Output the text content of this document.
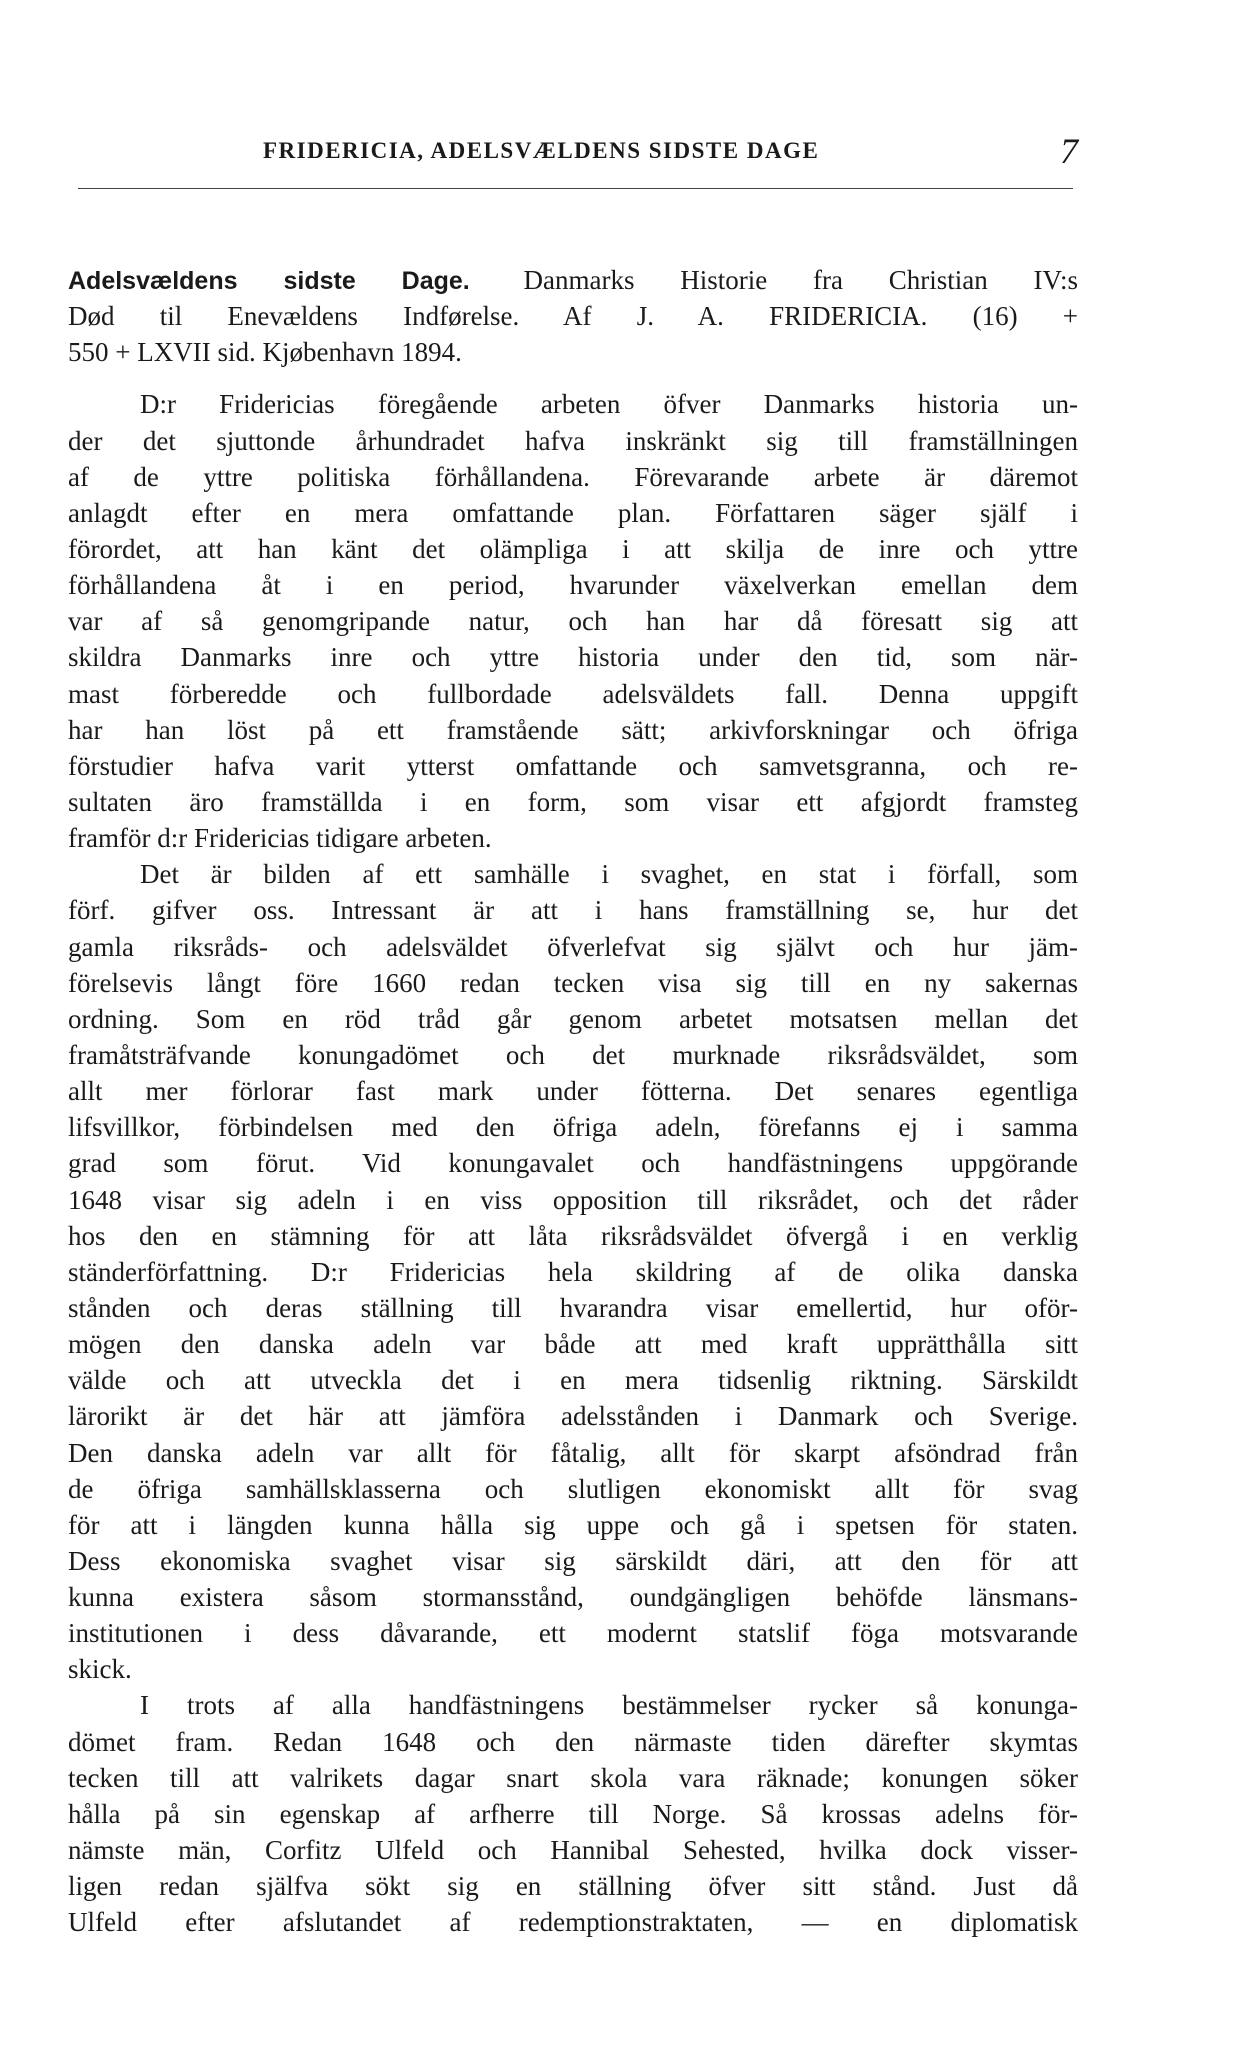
FRIDERICIA, ADELSVÆLDENS SIDSTE DAGE	7
Adelsvældens sidste Dage. Danmarks Historie fra Christian IV:s
Død til Enevældens Indførelse. Af J. A. FRIDERICIA. (16) +
550 + LXVII sid. Kjøbenhavn 1894.
D:r Fridericias föregående arbeten öfver Danmarks historia un-
der det sjuttonde århundradet hafva inskränkt sig till framställningen
af de yttre politiska förhållandena. Förevarande arbete är däremot
anlagdt efter en mera omfattande plan. Författaren säger själf i
förordet, att han känt det olämpliga i att skilja de inre och yttre
förhållandena åt i en period, hvarunder växelverkan emellan dem
var af så genomgripande natur, och han har då föresatt sig att
skildra Danmarks inre och yttre historia under den tid, som när-
mast förberedde och fullbordade adelsväldets fall. Denna uppgift
har han löst på ett framstående sätt; arkivforskningar och öfriga
förstudier hafva varit ytterst omfattande och samvetsgranna, och re-
sultaten äro framställda i en form, som visar ett afgjordt framsteg
framför d:r Fridericias tidigare arbeten.
Det är bilden af ett samhälle i svaghet, en stat i förfall, som
förf. gifver oss. Intressant är att i hans framställning se, hur det
gamla riksråds- och adelsväldet öfverlefvat sig självt och hur jäm-
förelsevis långt före 1660 redan tecken visa sig till en ny sakernas
ordning. Som en röd tråd går genom arbetet motsatsen mellan det
framåtsträfvande konungadömet och det murknade riksrådsväldet, som
allt mer förlorar fast mark under fötterna. Det senares egentliga
lifsvillkor, förbindelsen med den öfriga adeln, förefanns ej i samma
grad som förut. Vid konungavalet och handfästningens uppgörande
1648 visar sig adeln i en viss opposition till riksrådet, och det råder
hos den en stämning för att låta riksrådsväldet öfvergå i en verklig
ständerförfattning. D:r Fridericias hela skildring af de olika danska
stånden och deras ställning till hvarandra visar emellertid, hur oför-
mögen den danska adeln var både att med kraft upprätthålla sitt
välde och att utveckla det i en mera tidsenlig riktning. Särskildt
lärorikt är det här att jämföra adelsstånden i Danmark och Sverige.
Den danska adeln var allt för fåtalig, allt för skarpt afsöndrad från
de öfriga samhällsklasserna och slutligen ekonomiskt allt för svag
för att i längden kunna hålla sig uppe och gå i spetsen för staten.
Dess ekonomiska svaghet visar sig särskildt däri, att den för att
kunna existera såsom stormansstånd, oundgängligen behöfde länsmans-
institutionen i dess dåvarande, ett modernt statslif föga motsvarande
skick.
I trots af alla handfästningens bestämmelser rycker så konunga-
dömet fram. Redan 1648 och den närmaste tiden därefter skymtas
tecken till att valrikets dagar snart skola vara räknade; konungen söker
hålla på sin egenskap af arfherre till Norge. Så krossas adelns för-
nämste män, Corfitz Ulfeld och Hannibal Sehested, hvilka dock visser-
ligen redan själfva sökt sig en ställning öfver sitt stånd. Just då
Ulfeld efter afslutandet af redemptionstraktaten, — en diplomatisk
